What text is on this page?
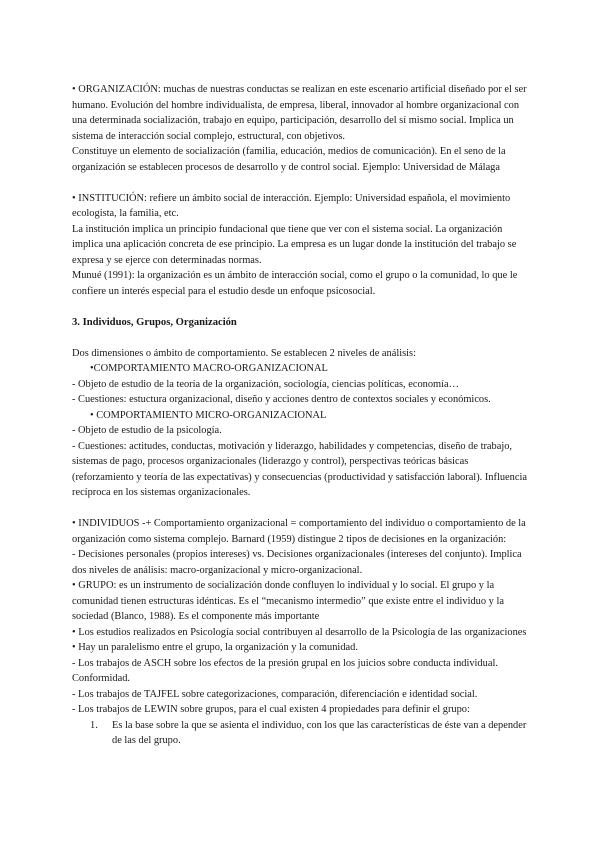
• ORGANIZACIÓN: muchas de nuestras conductas se realizan en este escenario artificial diseñado por el ser humano. Evolución del hombre individualista, de empresa, liberal, innovador al hombre organizacional con una determinada socialización, trabajo en equipo, participación, desarrollo del sí mismo social. Implica un sistema de interacción social complejo, estructural, con objetivos.

Constituye un elemento de socialización (familia, educación, medios de comunicación). En el seno de la organización se establecen procesos de desarrollo y de control social. Ejemplo: Universidad de Málaga

• INSTITUCIÓN: refiere un ámbito social de interacción. Ejemplo: Universidad española, el movimiento ecologista, la familia, etc.

La institución implica un principio fundacional que tiene que ver con el sistema social. La organización implica una aplicación concreta de ese principio. La empresa es un lugar donde la institución del trabajo se expresa y se ejerce con determinadas normas.

Munué (1991): la organización es un ámbito de interacción social, como el grupo o la comunidad, lo que le confiere un interés especial para el estudio desde un enfoque psicosocial.

3. Individuos, Grupos, Organización

Dos dimensiones o ámbito de comportamiento. Se establecen 2 niveles de análisis:

•COMPORTAMIENTO MACRO-ORGANIZACIONAL

- Objeto de estudio de la teoría de la organización, sociología, ciencias políticas, economía…

- Cuestiones: estuctura organizacional, diseño y acciones dentro de contextos sociales y económicos.

• COMPORTAMIENTO MICRO-ORGANIZACIONAL

- Objeto de estudio de la psicología.

- Cuestiones: actitudes, conductas, motivación y liderazgo, habilidades y competencias, diseño de trabajo, sistemas de pago, procesos organizacionales (liderazgo y control), perspectivas teóricas básicas (reforzamiento y teoría de las expectativas) y consecuencias (productividad y satisfacción laboral). Influencia recíproca en los sistemas organizacionales.

• INDIVIDUOS -+ Comportamiento organizacional = comportamiento del individuo o comportamiento de la organización como sistema complejo. Barnard (1959) distingue 2 tipos de decisiones en la organización:

- Decisiones personales (propios intereses) vs. Decisiones organizacionales (intereses del conjunto). Implica dos niveles de análisis: macro-organizacional y micro-organizacional.

• GRUPO: es un instrumento de socialización donde confluyen lo individual y lo social. El grupo y la comunidad tienen estructuras idénticas. Es el “mecanismo intermedio” que existe entre el individuo y la sociedad (Blanco, 1988). Es el componente más importante

• Los estudios realizados en Psicología social contribuyen al desarrollo de la Psicología de las organizaciones

• Hay un paralelismo entre el grupo, la organización y la comunidad.

- Los trabajos de ASCH sobre los efectos de la presión grupal en los juicios sobre conducta individual. Conformidad.

- Los trabajos de TAJFEL sobre categorizaciones, comparación, diferenciación e identidad social.

- Los trabajos de LEWIN sobre grupos, para el cual existen 4 propiedades para definir el grupo:

1.	Es la base sobre la que se asienta el individuo, con los que las características de éste van a depender de las del grupo.
